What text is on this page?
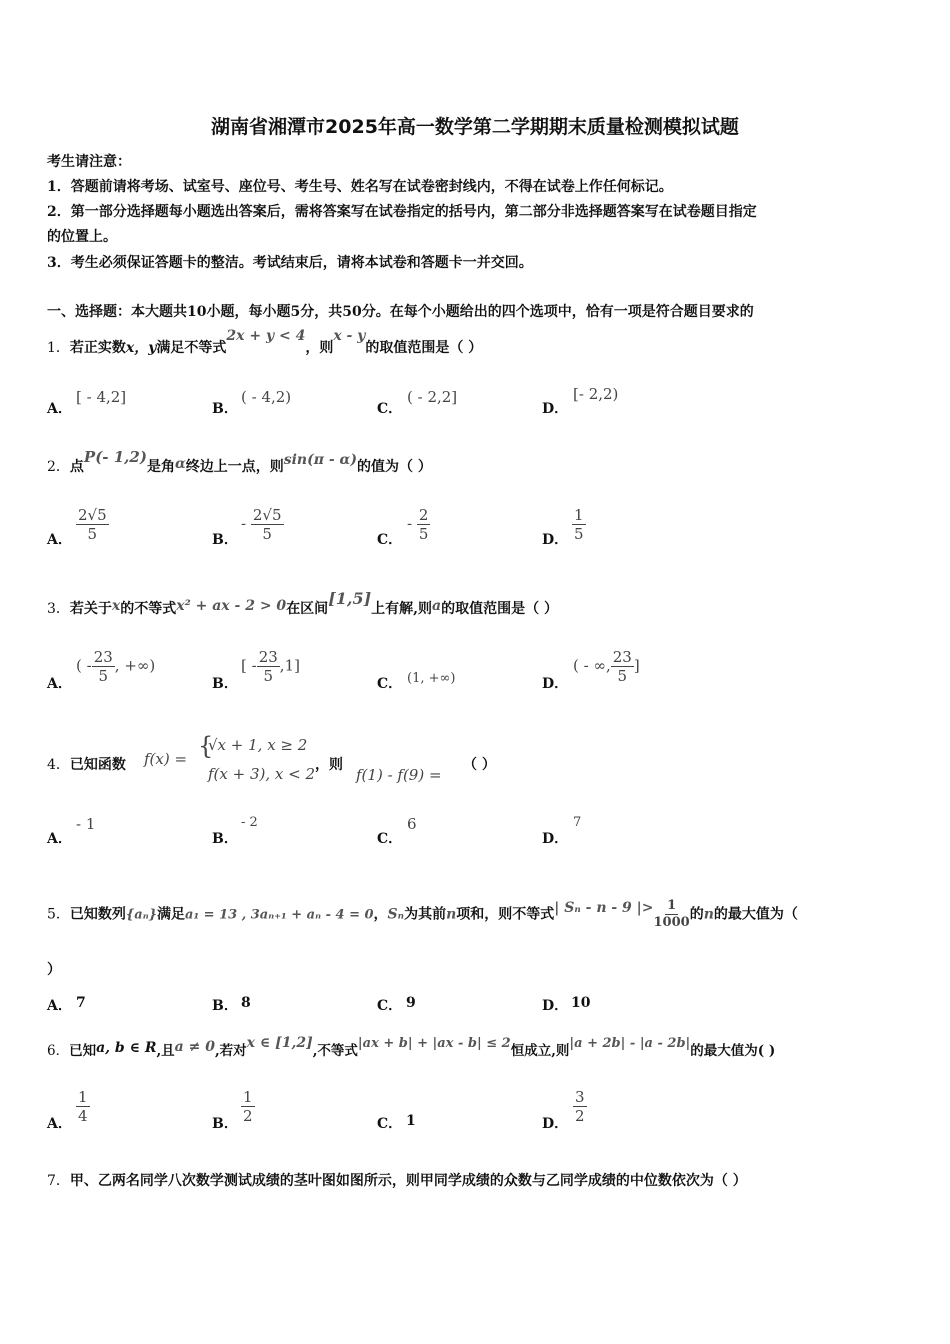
湖南省湘潭市2025年高一数学第二学期期末质量检测模拟试题
考生请注意：
1．答题前请将考场、试室号、座位号、考生号、姓名写在试卷密封线内，不得在试卷上作任何标记。
2．第一部分选择题每小题选出答案后，需将答案写在试卷指定的括号内，第二部分非选择题答案写在试卷题目指定
的位置上。
3．考生必须保证答题卡的整洁。考试结束后，请将本试卷和答题卡一并交回。
一、选择题：本大题共10小题，每小题5分，共50分。在每个小题给出的四个选项中，恰有一项是符合题目要求的
1．若正实数x，y满足不等式2x + y < 4，则x - y的取值范围是（ ）
A．
[ - 4,2]
B．
( - 4,2)
C．
( - 2,2]
D．
[- 2,2)
2．点P(- 1,2)是角α终边上一点，则sin(π - α)的值为（ ）
A． $\frac{2√5}{5}$	B．
- $\frac{2√5}{5}$	C．
- $\frac{2}{5}$	D． $\frac{1}{5}$
3．若关于x的不等式x² + ax - 2 > 0在区间[1,5]上有解,则a的取值范围是（ ）
A．
( - $\frac{23}{5}$ , +∞)
B．
[ - $\frac{23}{5} ,1$]
C． (1, +∞)	D．
( - ∞, $\frac{23}{5}$ ]
4．已知函数 f(x) = {
√x + 1, x ≥ 2
f(x + 3), x < 2 ，则
f(1) - f(9) =
（ ）
A．
- 1
B．
- 2
C．
6
D．
7
5．已知数列{aₙ}满足a₁ = 13 , 3aₙ₊₁ + aₙ - 4 = 0，Sₙ为其前n项和，则不等式| Sₙ - n - 9 |> $\frac{1}{1000}$ 的n的最大值为（
）
A． 7	B． 8	C． 9	D． 10
6．已知a, b ∈ R,且a ≠ 0,若对x ∈ [1,2],不等式|ax + b| + |ax - b| ≤ 2恒成立,则|a + 2b| - |a - 2b|的最大值为( )
A． $\frac{1}{4}$	B． $\frac{1}{2}$	C． 1	D． $\frac{3}{2}$
7．甲、乙两名同学八次数学测试成绩的茎叶图如图所示，则甲同学成绩的众数与乙同学成绩的中位数依次为（ ）
